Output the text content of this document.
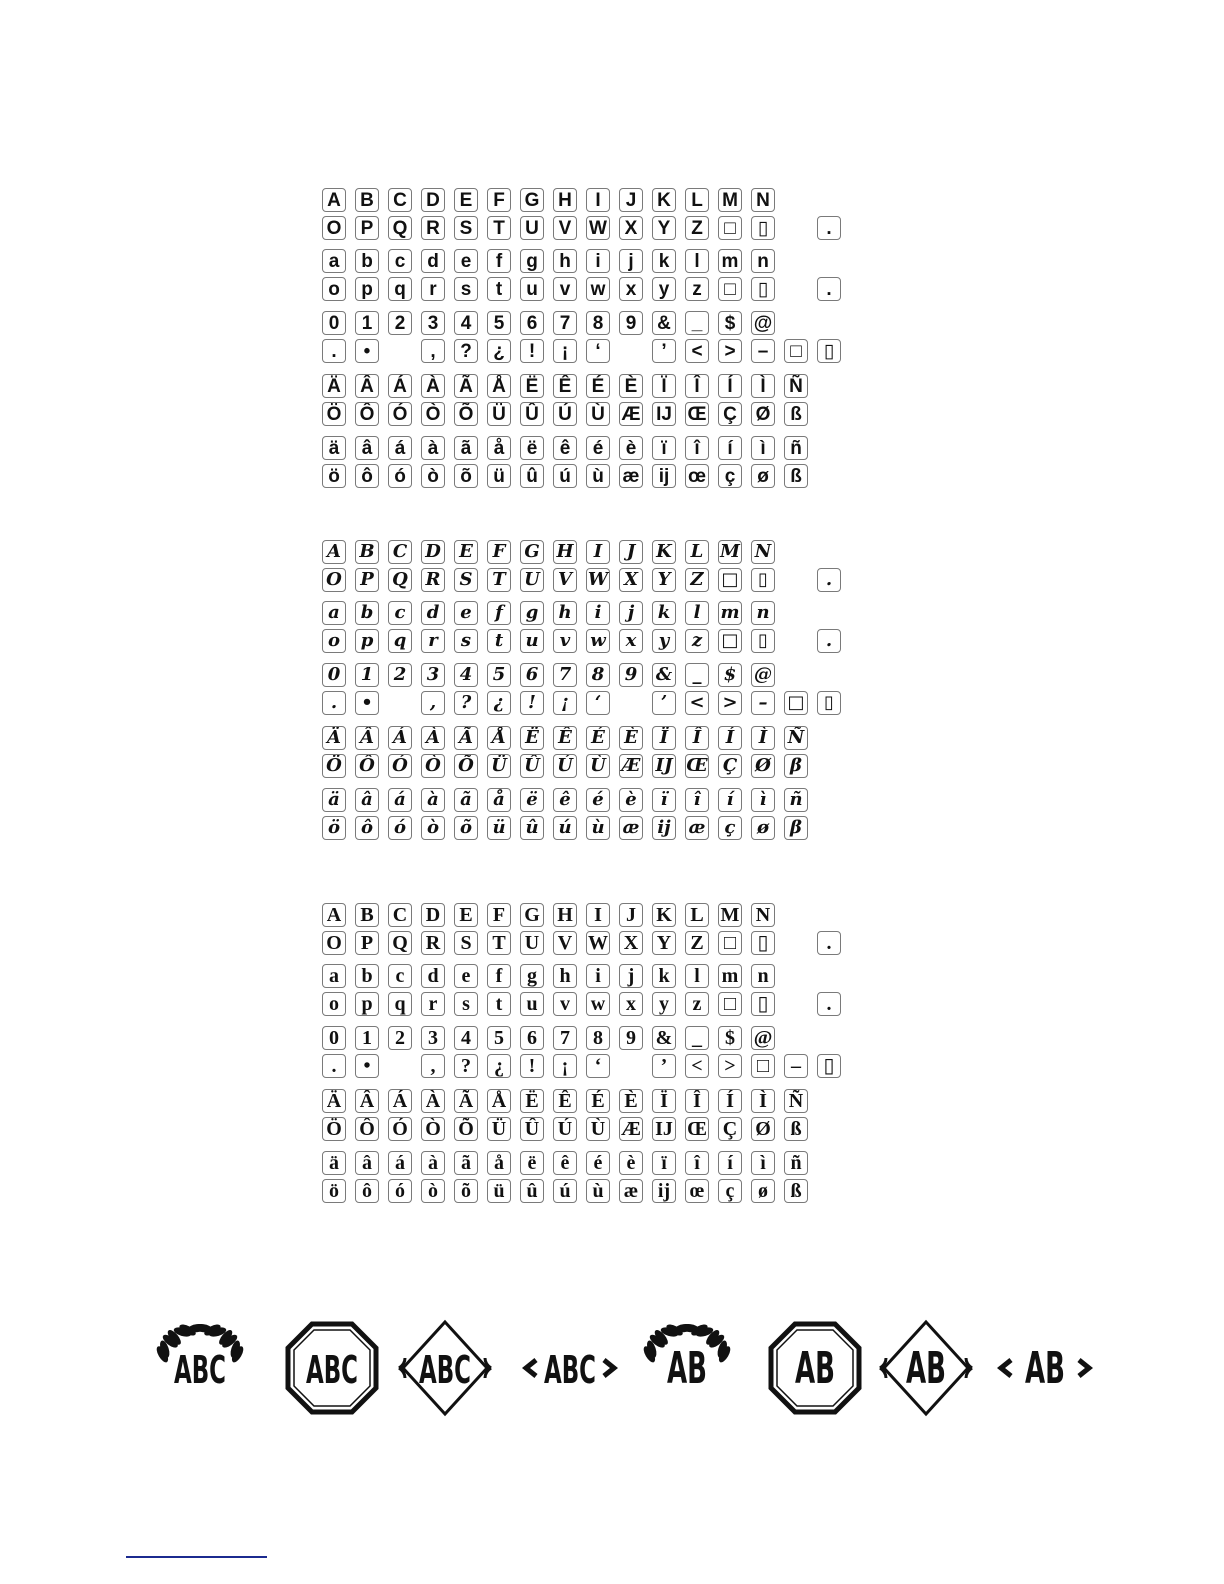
A B C D E	F	G H	I	J	K	L	M N
O P Q R S	T	U V W X Y	Z	□	▯	.
a	b	c	d	e	f	g	h	i	j	k	l	m n
o	p	q	r	s	t	u	v	w	x	y	z	□	▯	.
0	1	2	3	4	5	6	7	8	9	&	_	$ @
.	•	,	?	¿	!	¡	‘	’	<	>	–	□	▯
Ä Â Á À Ã Å Ë Ê É È	Ï	Î	Í	Ì	Ñ
Ö Ô Ó Ò Õ Ü Û Ú Ù Æ IJ Œ Ç Ø	ß
ä	â	á	à	ã	å	ë	ê	é	è	ï	î	í	ì	ñ
ö	ô	ó	ò	õ	ü	û	ú	ù æ	ij œ ç	ø	ß
A B C D E	F	G H	I	J	K	L M N
O P Q R	S	T U V W X	Y	Z □	▯	.
a	b	c	d	e	f	g	h	i	j	k	l	m n
o	p	q	r	s	t	u	v	w	x	y	z	□	▯	.
0	1	2	3	4	5	6	7	8	9	&	_	$ @
.	•	,	?	¿	!	¡	‘	’	< >	–	□	▯
Ä Â Á À Ã Å Ë Ê É È	Ï	Î	Í	Ì	Ñ
Ö Ô Ó Ò Õ Ü Û Ú Ù Æ IJ Œ Ç Ø	β
ä	â	á	à	ã	å	ë	ê	é	è	ï	î	í	ì	ñ
ö	ô	ó	ò	õ	ü	û	ú	ù	æ ij æ	ç	ø	β
A B C D E F G H	I	J	K L M N
O P Q R	S	T U V W X Y Z □	▯	.
a	b	c	d	e	f	g	h	i	j	k	l	m n
o	p	q	r	s	t	u	v	w	x	y	z	□	▯	.
0	1	2	3	4	5	6	7	8	9 & _	$ @
.	•	,	?	¿	!	¡	‘	’	<	>	□	–	▯
Ä Â Á À Ã Å Ë Ê É È	Ï	Î	Í	Ì	Ñ
Ö Ô Ó Ò Õ Ü Û Ú Ù Æ IJ Œ Ç Ø ß
ä	â	á	à	ã	å	ë	ê	é	è	ï	î	í	ì	ñ
ö	ô	ó	ò	õ	ü	û	ú	ù	æ ij œ	ç	ø	ß
ABC ABC ABC ABC AB AB AB AB
